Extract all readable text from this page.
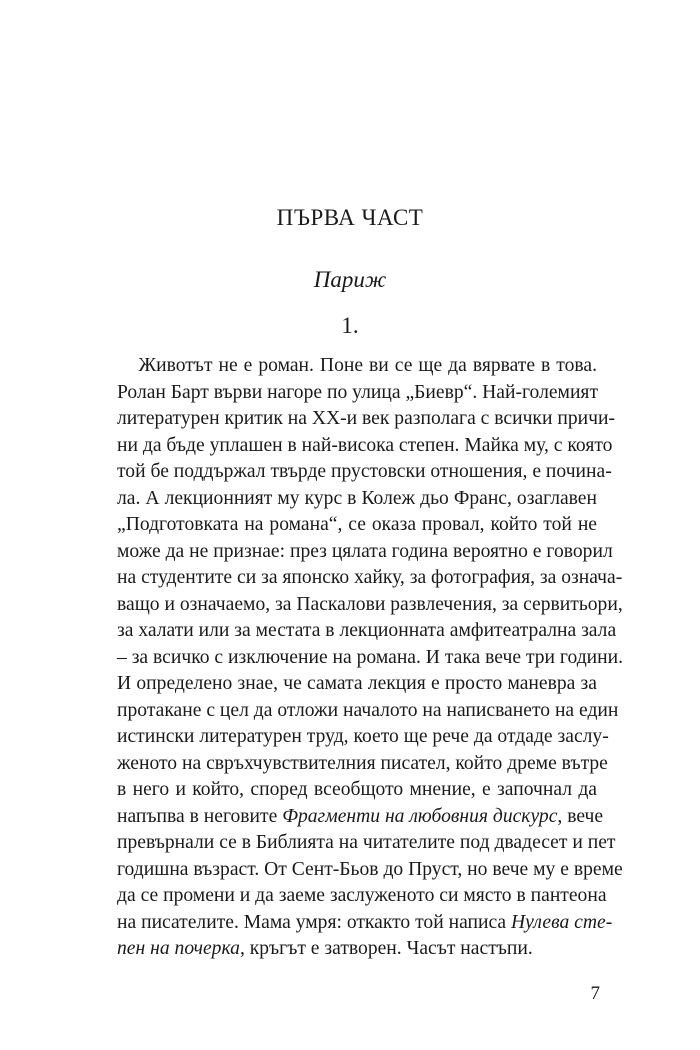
ПЪРВА ЧАСТ
Париж
1.
Животът не е роман. Поне ви се ще да вярвате в това.
Ролан Барт върви нагоре по улица „Биевр“. Най-големият
литературен критик на ХХ-и век разполага с всички причи-
ни да бъде уплашен в най-висока степен. Майка му, с която
той бе поддържал твърде прустовски отношения, е почина-
ла. А лекционният му курс в Колеж дьо Франс, озаглавен
„Подготовката на романа“, се оказа провал, който той не
може да не признае: през цялата година вероятно е говорил
на студентите си за японско хайку, за фотография, за означа-
ващо и означаемо, за Паскалови развлечения, за сервитьори,
за халати или за местата в лекционната амфитеатрална зала
– за всичко с изключение на романа. И така вече три години.
И определено знае, че самата лекция е просто маневра за
протакане с цел да отложи началото на написването на един
истински литературен труд, което ще рече да отдаде заслу-
женото на свръхчувствителния писател, който дреме вътре
в него и който, според всеобщото мнение, е започнал да
напъпва в неговите Фрагменти на любовния дискурс, вече
превърнали се в Библията на читателите под двадесет и пет
годишна възраст. От Сент-Бьов до Пруст, но вече му е време
да се промени и да заеме заслуженото си място в пантеона
на писателите. Мама умря: откакто той написа Нулева сте-
пен на почерка, кръгът е затворен. Часът настъпи.
7
